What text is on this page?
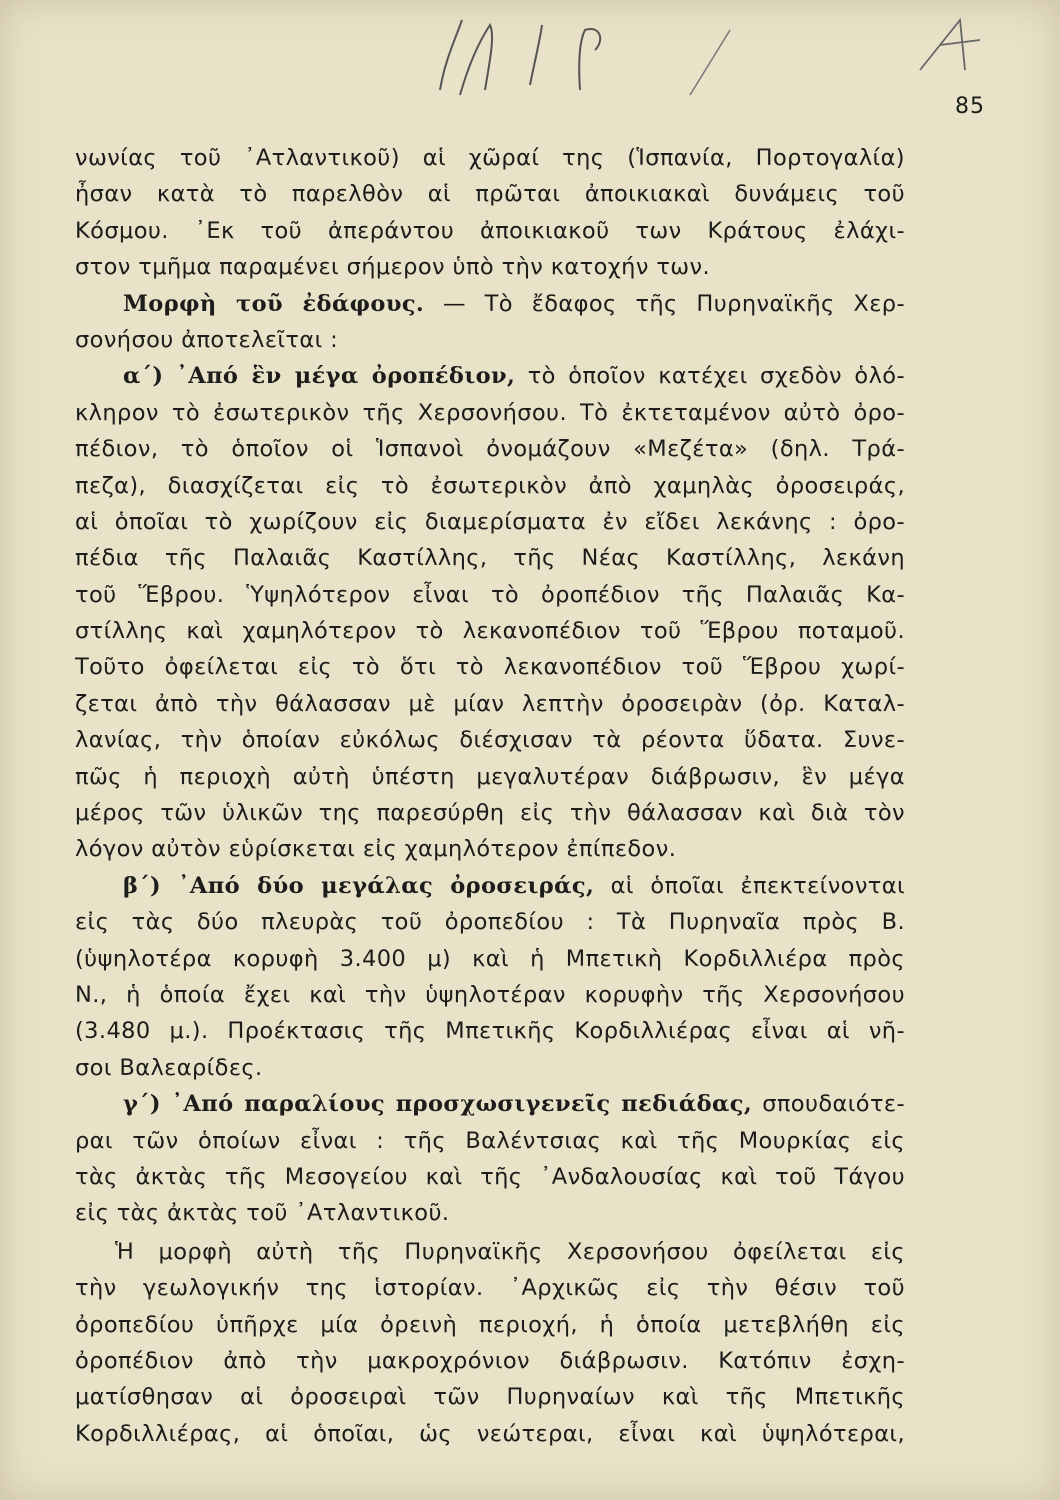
85
νωνίας τοῦ ᾿Ατλαντικοῦ) αἱ χῶραί της (Ἱσπανία, Πορτογαλία)
ἦσαν κατὰ τὸ παρελθὸν αἱ πρῶται ἀποικιακαὶ δυνάμεις τοῦ
Κόσμου. ᾿Εκ τοῦ ἀπεράντου ἀποικιακοῦ των Κράτους ἐλάχι-
στον τμῆμα παραμένει σήμερον ὑπὸ τὴν κατοχήν των.
Μορφὴ τοῦ ἐδάφους. — Τὸ ἔδαφος τῆς Πυρηναϊκῆς Χερ-
σονήσου ἀποτελεῖται :
α΄) ᾿Από ἓν μέγα ὀροπέδιον, τὸ ὁποῖον κατέχει σχεδὸν ὁλό-
κληρον τὸ ἐσωτερικὸν τῆς Χερσονήσου. Τὸ ἐκτεταμένον αὐτὸ ὀρο-
πέδιον, τὸ ὁποῖον οἱ Ἱσπανοὶ ὀνομάζουν «Μεζέτα» (δηλ. Τρά-
πεζα), διασχίζεται εἰς τὸ ἐσωτερικὸν ἀπὸ χαμηλὰς ὀροσειράς,
αἱ ὁποῖαι τὸ χωρίζουν εἰς διαμερίσματα ἐν εἴδει λεκάνης : ὀρο-
πέδια τῆς Παλαιᾶς Καστίλλης, τῆς Νέας Καστίλλης, λεκάνη
τοῦ Ἕβρου. Ὑψηλότερον εἶναι τὸ ὀροπέδιον τῆς Παλαιᾶς Κα-
στίλλης καὶ χαμηλότερον τὸ λεκανοπέδιον τοῦ Ἕβρου ποταμοῦ.
Τοῦτο ὀφείλεται εἰς τὸ ὅτι τὸ λεκανοπέδιον τοῦ Ἕβρου χωρί-
ζεται ἀπὸ τὴν θάλασσαν μὲ μίαν λεπτὴν ὀροσειρὰν (ὀρ. Καταλ-
λανίας, τὴν ὁποίαν εὐκόλως διέσχισαν τὰ ρέοντα ὕδατα. Συνε-
πῶς ἡ περιοχὴ αὐτὴ ὑπέστη μεγαλυτέραν διάβρωσιν, ἓν μέγα
μέρος τῶν ὑλικῶν της παρεσύρθη εἰς τὴν θάλασσαν καὶ διὰ τὸν
λόγον αὐτὸν εὑρίσκεται εἰς χαμηλότερον ἐπίπεδον.
β΄) ᾿Από δύο μεγάλας ὀροσειράς, αἱ ὁποῖαι ἐπεκτείνονται
εἰς τὰς δύο πλευρὰς τοῦ ὀροπεδίου : Τὰ Πυρηναῖα πρὸς Β.
(ὑψηλοτέρα κορυφὴ 3.400 μ) καὶ ἡ Μπετικὴ Κορδιλλιέρα πρὸς
Ν., ἡ ὁποία ἔχει καὶ τὴν ὑψηλοτέραν κορυφὴν τῆς Χερσονήσου
(3.480 μ.). Προέκτασις τῆς Μπετικῆς Κορδιλλιέρας εἶναι αἱ νῆ-
σοι Βαλεαρίδες.
γ΄) ᾿Από παραλίους προσχωσιγενεῖς πεδιάδας, σπουδαιότε-
ραι τῶν ὁποίων εἶναι : τῆς Βαλέντσιας καὶ τῆς Μουρκίας εἰς
τὰς ἀκτὰς τῆς Μεσογείου καὶ τῆς ᾿Ανδαλουσίας καὶ τοῦ Τάγου
εἰς τὰς ἀκτὰς τοῦ ᾿Ατλαντικοῦ.
Ἡ μορφὴ αὐτὴ τῆς Πυρηναϊκῆς Χερσονήσου ὀφείλεται εἰς
τὴν γεωλογικήν της ἱστορίαν. ᾿Αρχικῶς εἰς τὴν θέσιν τοῦ
ὀροπεδίου ὑπῆρχε μία ὀρεινὴ περιοχή, ἡ ὁποία μετεβλήθη εἰς
ὀροπέδιον ἀπὸ τὴν μακροχρόνιον διάβρωσιν. Κατόπιν ἐσχη-
ματίσθησαν αἱ ὀροσειραὶ τῶν Πυρηναίων καὶ τῆς Μπετικῆς
Κορδιλλιέρας, αἱ ὁποῖαι, ὡς νεώτεραι, εἶναι καὶ ὑψηλότεραι,
